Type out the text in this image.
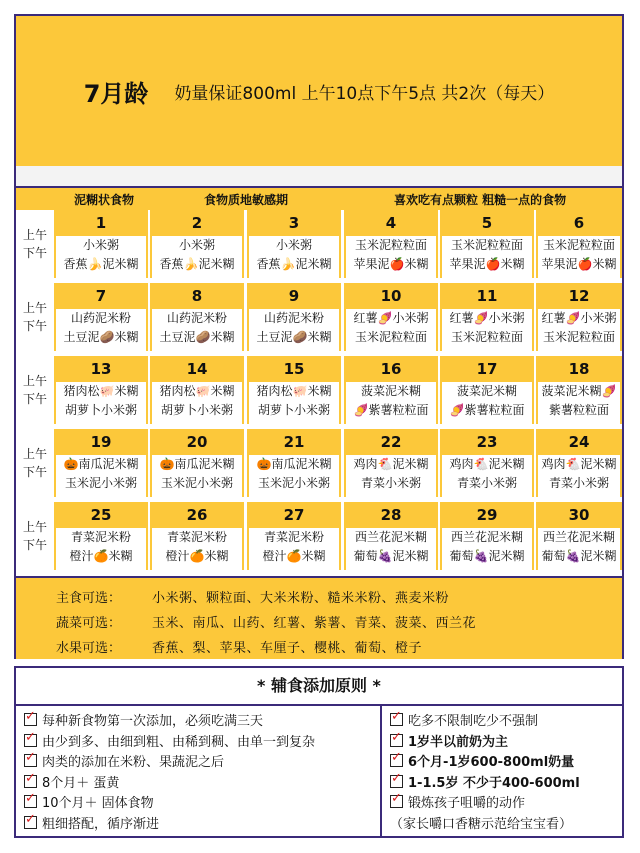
7月龄 奶量保证800ml 上午10点下午5点 共2次（每天）
泥糊状食物	食物质地敏感期	喜欢吃有点颗粒 粗糙一点的食物
上午
下午
1
小米粥
香蕉🍌泥米糊
2
小米粥
香蕉🍌泥米糊
3
小米粥
香蕉🍌泥米糊
4
玉米泥粒粒面
苹果泥🍎米糊
5
玉米泥粒粒面
苹果泥🍎米糊
6
玉米泥粒粒面
苹果泥🍎米糊
上午
下午
7
山药泥米粉
土豆泥🥔米糊
8
山药泥米粉
土豆泥🥔米糊
9
山药泥米粉
土豆泥🥔米糊
10
红薯🍠小米粥
玉米泥粒粒面
11
红薯🍠小米粥
玉米泥粒粒面
12
红薯🍠小米粥
玉米泥粒粒面
上午
下午
13
猪肉松🐖米糊
胡萝卜小米粥
14
猪肉松🐖米糊
胡萝卜小米粥
15
猪肉松🐖米糊
胡萝卜小米粥
16
菠菜泥米糊
🍠紫薯粒粒面
17
菠菜泥米糊
🍠紫薯粒粒面
18
菠菜泥米糊🍠
紫薯粒粒面
上午
下午
19
🎃南瓜泥米糊
玉米泥小米粥
20
🎃南瓜泥米糊
玉米泥小米粥
21
🎃南瓜泥米糊
玉米泥小米粥
22
鸡肉🐔泥米糊
青菜小米粥
23
鸡肉🐔泥米糊
青菜小米粥
24
鸡肉🐔泥米糊
青菜小米粥
上午
下午
25
青菜泥米粉
橙汁🍊米糊
26
青菜泥米粉
橙汁🍊米糊
27
青菜泥米粉
橙汁🍊米糊
28
西兰花泥米糊
葡萄🍇泥米糊
29
西兰花泥米糊
葡萄🍇泥米糊
30
西兰花泥米糊
葡萄🍇泥米糊
主食可选： 小米粥、颗粒面、大米米粉、糙米米粉、燕麦米粉
蔬菜可选： 玉米、南瓜、山药、红薯、紫薯、青菜、菠菜、西兰花
水果可选： 香蕉、梨、苹果、车厘子、樱桃、葡萄、橙子
* 辅食添加原则 *
✓每种新食物第一次添加，必须吃满三天
✓由少到多、由细到粗、由稀到稠、由单一到复杂
✓肉类的添加在米粉、果蔬泥之后
✓8个月＋ 蛋黄
✓10个月＋ 固体食物
✓粗细搭配，循序渐进
✓吃多不限制吃少不强制
✓1岁半以前奶为主
✓6个月-1岁600-800ml奶量
✓1-1.5岁 不少于400-600ml
✓锻炼孩子咀嚼的动作
（家长嚼口香糖示范给宝宝看）
